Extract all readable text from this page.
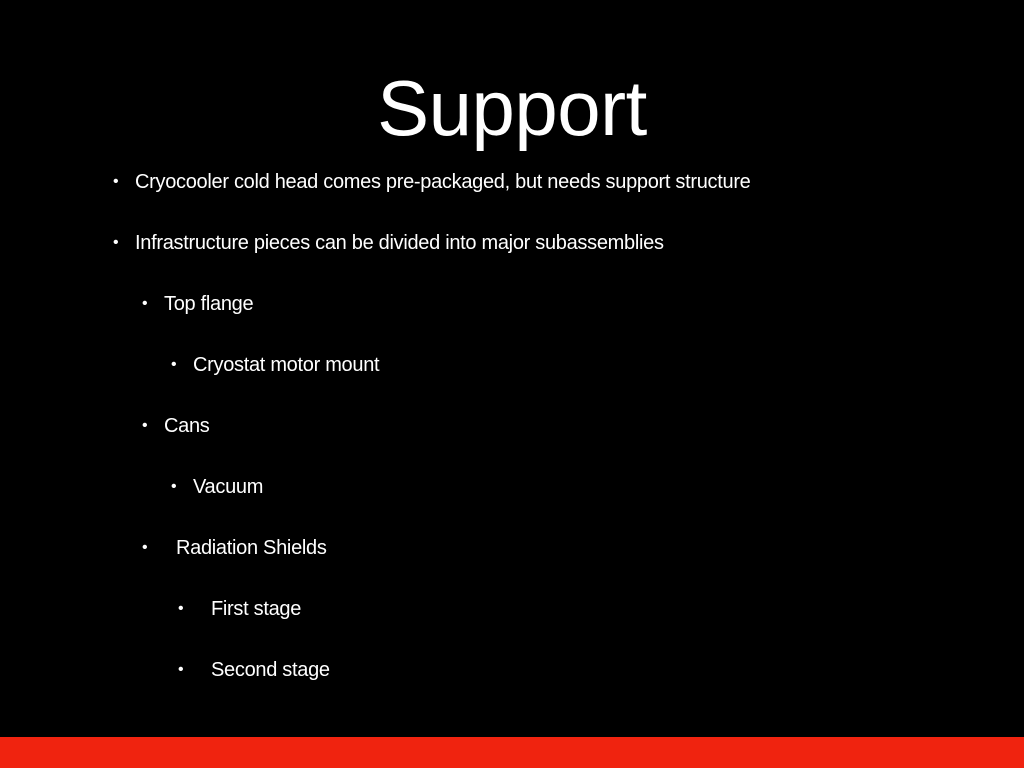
Support
• Cryocooler cold head comes pre-packaged, but needs support structure
• Infrastructure pieces can be divided into major subassemblies
• Top flange
• Cryostat motor mount
• Cans
• Vacuum
• Radiation Shields
• First stage
• Second stage
